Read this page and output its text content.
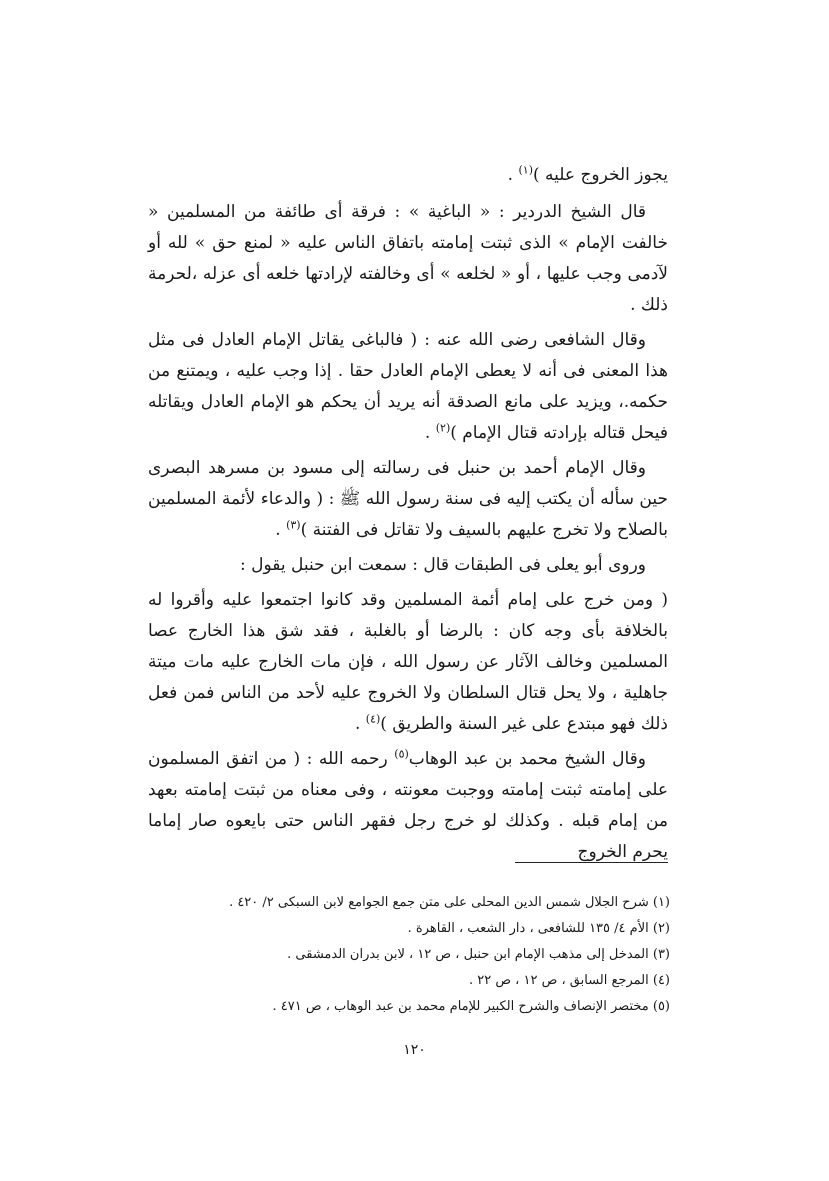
يجوز الخروج عليه )$^{(١)}$ .

قال الشيخ الدردير : « الباغية » : فرقة أى طائفة من المسلمين « خالفت الإمام » الذى ثبتت إمامته باتفاق الناس عليه « لمنع حق » لله أو لآدمى وجب عليها ، أو « لخلعه » أى وخالفته لإرادتها خلعه أى عزله ،لحرمة ذلك .

وقال الشافعى رضى الله عنه : ( فالباغى يقاتل الإمام العادل فى مثل هذا المعنى فى أنه لا يعطى الإمام العادل حقا . إذا وجب عليه ، ويمتنع من حكمه.، ويزيد على مانع الصدقة أنه يريد أن يحكم هو الإمام العادل ويقاتله فيحل قتاله بإرادته قتال الإمام )$^{(٢)}$ .

وقال الإمام أحمد بن حنبل فى رسالته إلى مسود بن مسرهد البصرى حين سأله أن يكتب إليه فى سنة رسول الله ﷺ : ( والدعاء لأئمة المسلمين بالصلاح ولا تخرج عليهم بالسيف ولا تقاتل فى الفتنة )$^{(٣)}$ .

وروى أبو يعلى فى الطبقات قال : سمعت ابن حنبل يقول :

( ومن خرج على إمام أئمة المسلمين وقد كانوا اجتمعوا عليه وأقروا له بالخلافة بأى وجه كان : بالرضا أو بالغلبة ، فقد شق هذا الخارج عصا المسلمين وخالف الآثار عن رسول الله ، فإن مات الخارج عليه مات ميتة جاهلية ، ولا يحل قتال السلطان ولا الخروج عليه لأحد من الناس فمن فعل ذلك فهو مبتدع على غير السنة والطريق )$^{(٤)}$ .

وقال الشيخ محمد بن عبد الوهاب$^{(٥)}$ رحمه الله : ( من اتفق المسلمون على إمامته ثبتت إمامته ووجبت معونته ، وفى معناه من ثبتت إمامته بعهد من إمام قبله . وكذلك لو خرج رجل فقهر الناس حتى بايعوه صار إماما يحرم الخروج

(١) شرح الجلال شمس الدين المحلى على متن جمع الجوامع لابن السبكى ٢/ ٤٢٠ .

(٢) الأم ٤/ ١٣٥ للشافعى ، دار الشعب ، القاهرة .

(٣) المدخل إلى مذهب الإمام ابن حنبل ، ص ١٢ ، لابن بدران الدمشقى .

(٤) المرجع السابق ، ص ١٢ ، ص ٢٢ .

(٥) مختصر الإنصاف والشرح الكبير للإمام محمد بن عبد الوهاب ، ص ٤٧١ .

١٢٠
